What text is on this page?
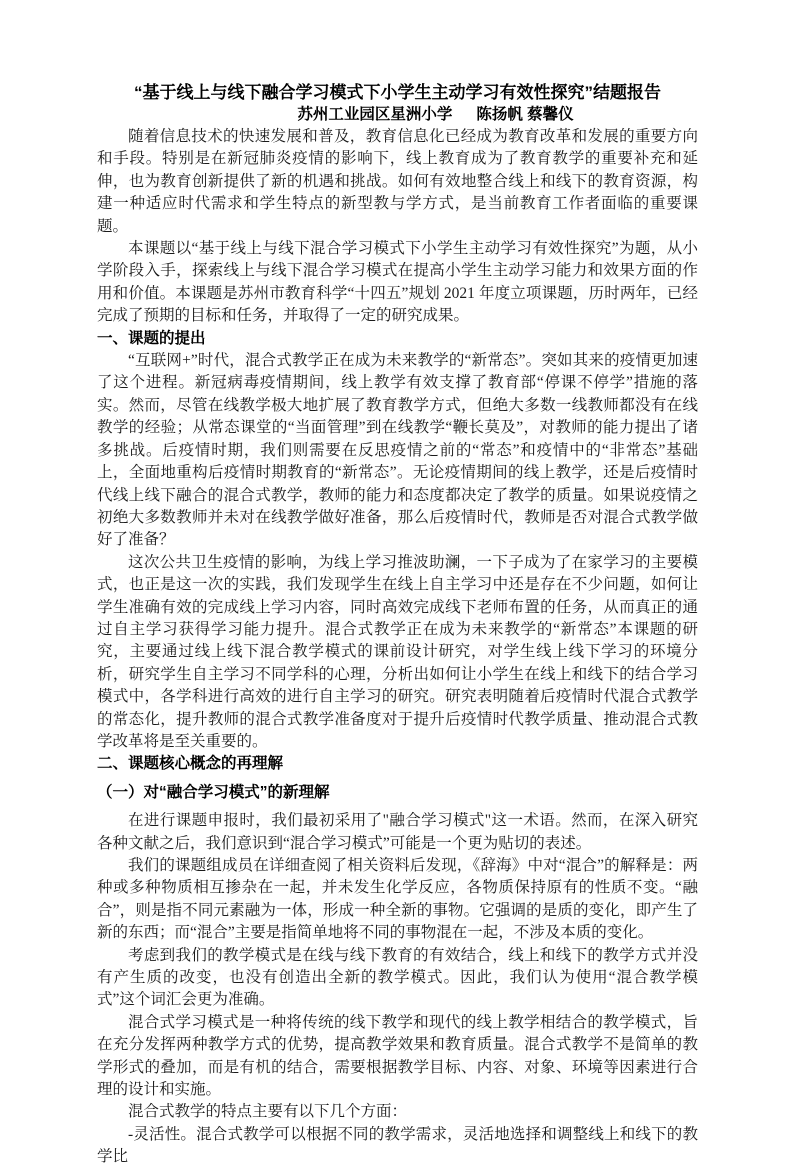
“基于线上与线下融合学习模式下小学生主动学习有效性探究”结题报告
苏州工业园区星洲小学 陈扬帆 蔡馨仪
随着信息技术的快速发展和普及，教育信息化已经成为教育改革和发展的重要方向和手段。特别是在新冠肺炎疫情的影响下，线上教育成为了教育教学的重要补充和延伸，也为教育创新提供了新的机遇和挑战。如何有效地整合线上和线下的教育资源，构建一种适应时代需求和学生特点的新型教与学方式，是当前教育工作者面临的重要课题。
本课题以“基于线上与线下混合学习模式下小学生主动学习有效性探究”为题，从小学阶段入手，探索线上与线下混合学习模式在提高小学生主动学习能力和效果方面的作用和价值。本课题是苏州市教育科学“十四五”规划 2021 年度立项课题，历时两年，已经完成了预期的目标和任务，并取得了一定的研究成果。
一、课题的提出
“互联网+”时代，混合式教学正在成为未来教学的“新常态”。突如其来的疫情更加速了这个进程。新冠病毒疫情期间，线上教学有效支撑了教育部“停课不停学”措施的落实。然而，尽管在线教学极大地扩展了教育教学方式，但绝大多数一线教师都没有在线教学的经验；从常态课堂的“当面管理”到在线教学“鞭长莫及”，对教师的能力提出了诸多挑战。后疫情时期，我们则需要在反思疫情之前的“常态”和疫情中的“非常态”基础上，全面地重构后疫情时期教育的“新常态”。无论疫情期间的线上教学，还是后疫情时代线上线下融合的混合式教学，教师的能力和态度都决定了教学的质量。如果说疫情之初绝大多数教师并未对在线教学做好准备，那么后疫情时代，教师是否对混合式教学做好了准备？
这次公共卫生疫情的影响，为线上学习推波助澜，一下子成为了在家学习的主要模式，也正是这一次的实践，我们发现学生在线上自主学习中还是存在不少问题，如何让学生准确有效的完成线上学习内容，同时高效完成线下老师布置的任务，从而真正的通过自主学习获得学习能力提升。混合式教学正在成为未来教学的“新常态”本课题的研究，主要通过线上线下混合教学模式的课前设计研究，对学生线上线下学习的环境分析，研究学生自主学习不同学科的心理，分析出如何让小学生在线上和线下的结合学习模式中，各学科进行高效的进行自主学习的研究。研究表明随着后疫情时代混合式教学的常态化，提升教师的混合式教学准备度对于提升后疫情时代教学质量、推动混合式教学改革将是至关重要的。
二、课题核心概念的再理解
（一）对“融合学习模式”的新理解
在进行课题申报时，我们最初采用了"融合学习模式"这一术语。然而，在深入研究各种文献之后，我们意识到“混合学习模式”可能是一个更为贴切的表述。
我们的课题组成员在详细查阅了相关资料后发现，《辞海》中对“混合”的解释是：两种或多种物质相互掺杂在一起，并未发生化学反应，各物质保持原有的性质不变。“融合”，则是指不同元素融为一体，形成一种全新的事物。它强调的是质的变化，即产生了新的东西；而“混合”主要是指简单地将不同的事物混在一起，不涉及本质的变化。
考虑到我们的教学模式是在线与线下教育的有效结合，线上和线下的教学方式并没有产生质的改变，也没有创造出全新的教学模式。因此，我们认为使用“混合教学模式”这个词汇会更为准确。
混合式学习模式是一种将传统的线下教学和现代的线上教学相结合的教学模式，旨在充分发挥两种教学方式的优势，提高教学效果和教育质量。混合式教学不是简单的教学形式的叠加，而是有机的结合，需要根据教学目标、内容、对象、环境等因素进行合理的设计和实施。
混合式教学的特点主要有以下几个方面：
-灵活性。混合式教学可以根据不同的教学需求，灵活地选择和调整线上和线下的教学比
